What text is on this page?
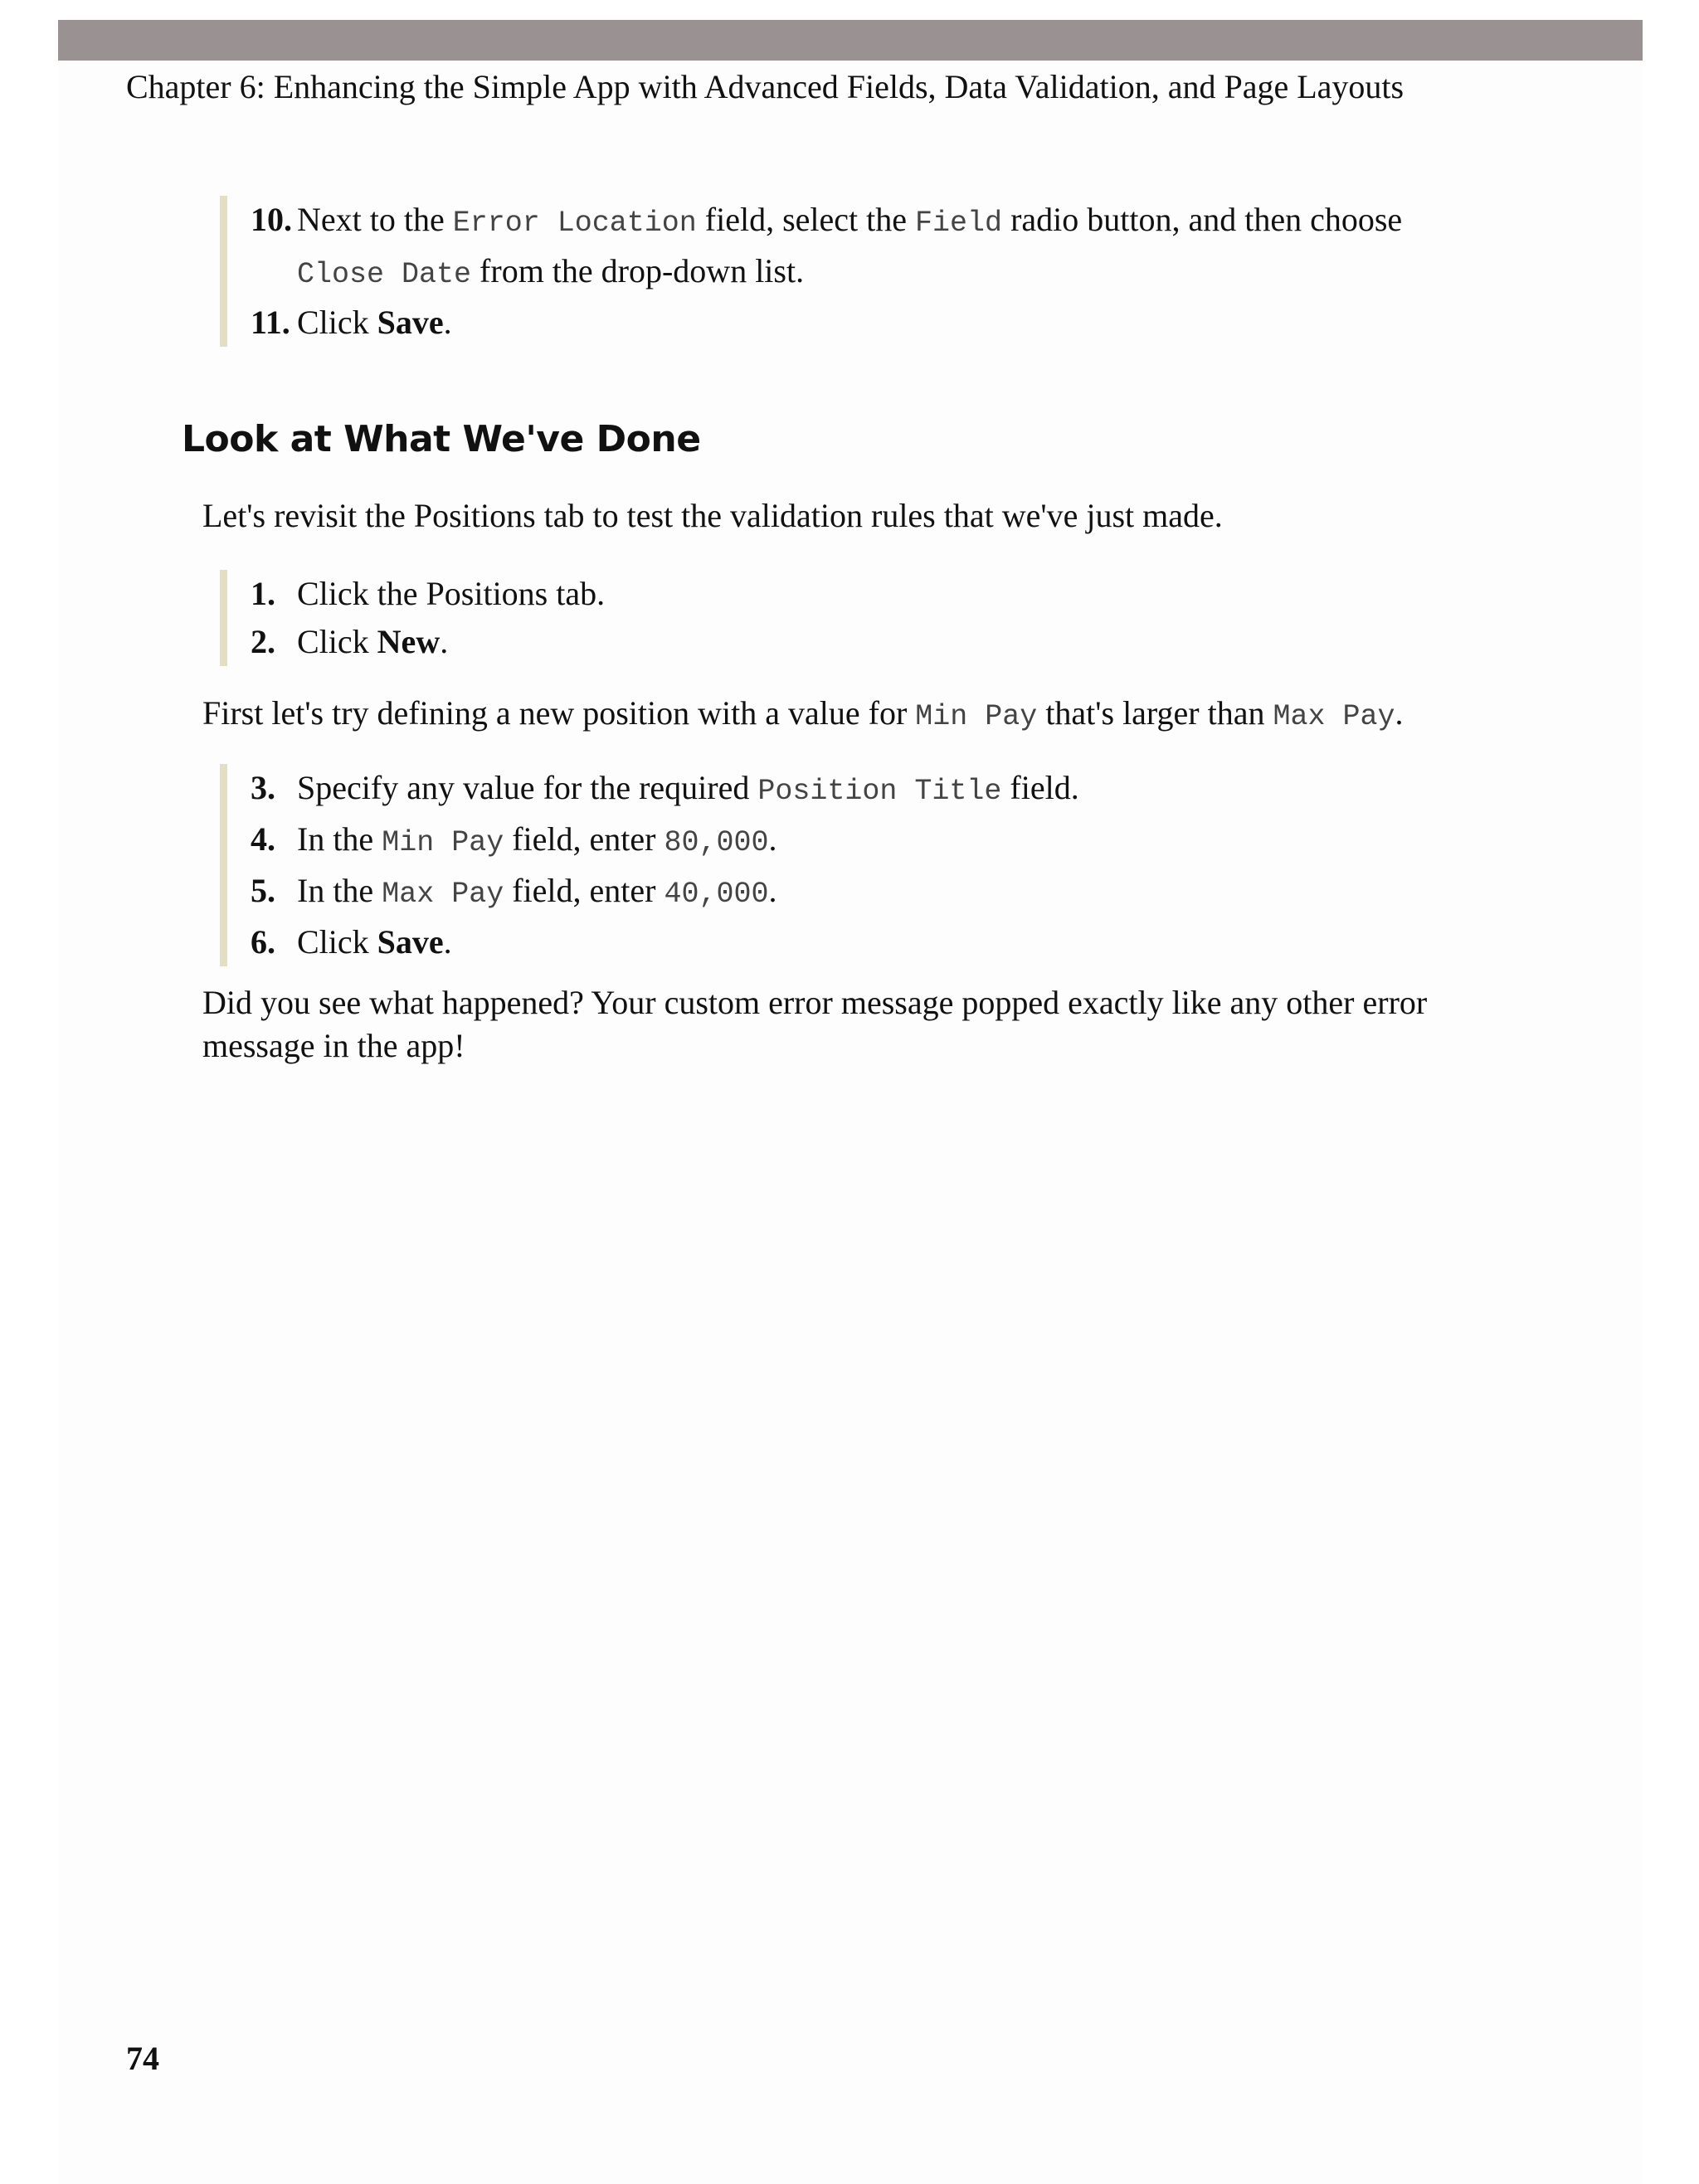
Chapter 6: Enhancing the Simple App with Advanced Fields, Data Validation, and Page Layouts
10. Next to the Error Location field, select the Field radio button, and then choose
Close Date from the drop-down list.
11. Click Save.
Look at What We've Done
Let's revisit the Positions tab to test the validation rules that we've just made.
1. Click the Positions tab.
2. Click New.
First let's try defining a new position with a value for Min Pay that's larger than Max Pay.
3. Specify any value for the required Position Title field.
4. In the Min Pay field, enter 80,000.
5. In the Max Pay field, enter 40,000.
6. Click Save.
Did you see what happened? Your custom error message popped exactly like any other error
message in the app!
74
